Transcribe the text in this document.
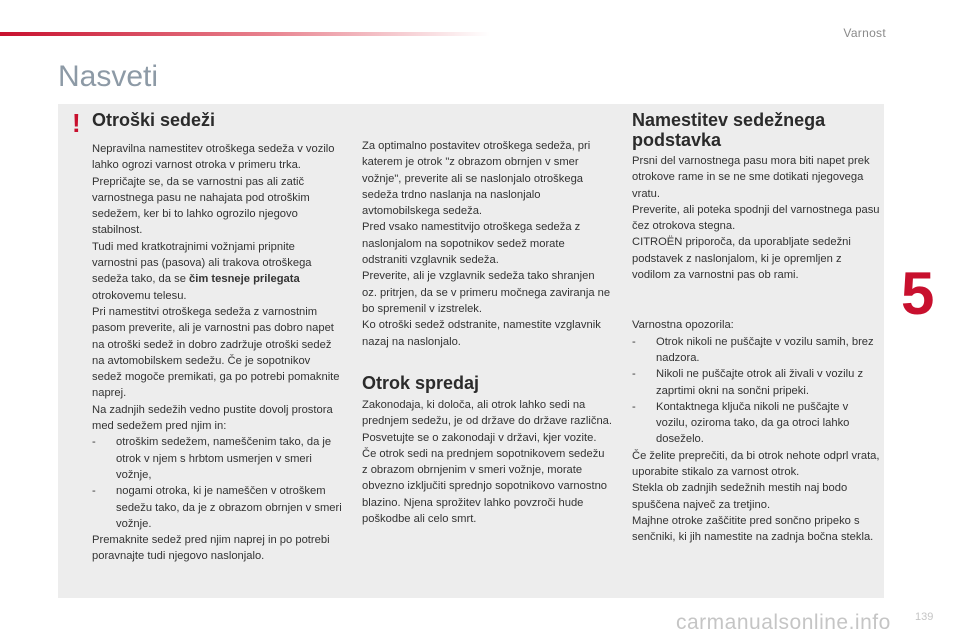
Varnost
5
Nasveti
! Otroški sedeži

Nepravilna namestitev otroškega sedeža v vozilo lahko ogrozi varnost otroka v primeru trka.

Prepričajte se, da se varnostni pas ali zatič varnostnega pasu ne nahajata pod otroškim sedežem, ker bi to lahko ogrozilo njegovo stabilnost.

Tudi med kratkotrajnimi vožnjami pripnite varnostni pas (pasova) ali trakova otroškega sedeža tako, da se čim tesneje prilegata otrokovemu telesu.

Pri namestitvi otroškega sedeža z varnostnim pasom preverite, ali je varnostni pas dobro napet na otroški sedež in dobro zadržuje otroški sedež na avtomobilskem sedežu. Če je sopotnikov sedež mogoče premikati, ga po potrebi pomaknite naprej.

Na zadnjih sedežih vedno pustite dovolj prostora med sedežem pred njim in:

- otroškim sedežem, nameščenim tako, da je otrok v njem s hrbtom usmerjen v smeri vožnje,
- nogami otroka, ki je nameščen v otroškem sedežu tako, da je z obrazom obrnjen v smeri vožnje.

Premaknite sedež pred njim naprej in po potrebi poravnajte tudi njegovo naslonjalo.

Za optimalno postavitev otroškega sedeža, pri katerem je otrok "z obrazom obrnjen v smer vožnje", preverite ali se naslonjalo otroškega sedeža trdno naslanja na naslonjalo avtomobilskega sedeža.

Pred vsako namestitvijo otroškega sedeža z naslonjalom na sopotnikov sedež morate odstraniti vzglavnik sedeža.

Preverite, ali je vzglavnik sedeža tako shranjen oz. pritrjen, da se v primeru močnega zaviranja ne bo spremenil v izstrelek.

Ko otroški sedež odstranite, namestite vzglavnik nazaj na naslonjalo.

Otrok spredaj

Zakonodaja, ki določa, ali otrok lahko sedi na prednjem sedežu, je od države do države različna. Posvetujte se o zakonodaji v državi, kjer vozite.

Če otrok sedi na prednjem sopotnikovem sedežu z obrazom obrnjenim v smeri vožnje, morate obvezno izključiti sprednjo sopotnikovo varnostno blazino. Njena sprožitev lahko povzroči hude poškodbe ali celo smrt.

Namestitev sedežnega podstavka

Prsni del varnostnega pasu mora biti napet prek otrokove rame in se ne sme dotikati njegovega vratu.

Preverite, ali poteka spodnji del varnostnega pasu čez otrokova stegna.

CITROËN priporoča, da uporabljate sedežni podstavek z naslonjalom, ki je opremljen z vodilom za varnostni pas ob rami.

Varnostna opozorila:

- Otrok nikoli ne puščajte v vozilu samih, brez nadzora.
- Nikoli ne puščajte otrok ali živali v vozilu z zaprtimi okni na sončni pripeki.
- Kontaktnega ključa nikoli ne puščajte v vozilu, oziroma tako, da ga otroci lahko doseželo.

Če želite preprečiti, da bi otrok nehote odprl vrata, uporabite stikalo za varnost otrok.

Stekla ob zadnjih sedežnih mestih naj bodo spuščena največ za tretjino.

Majhne otroke zaščitite pred sončno pripeko s senčniki, ki jih namestite na zadnja bočna stekla.

carmanualsonline.info 139
